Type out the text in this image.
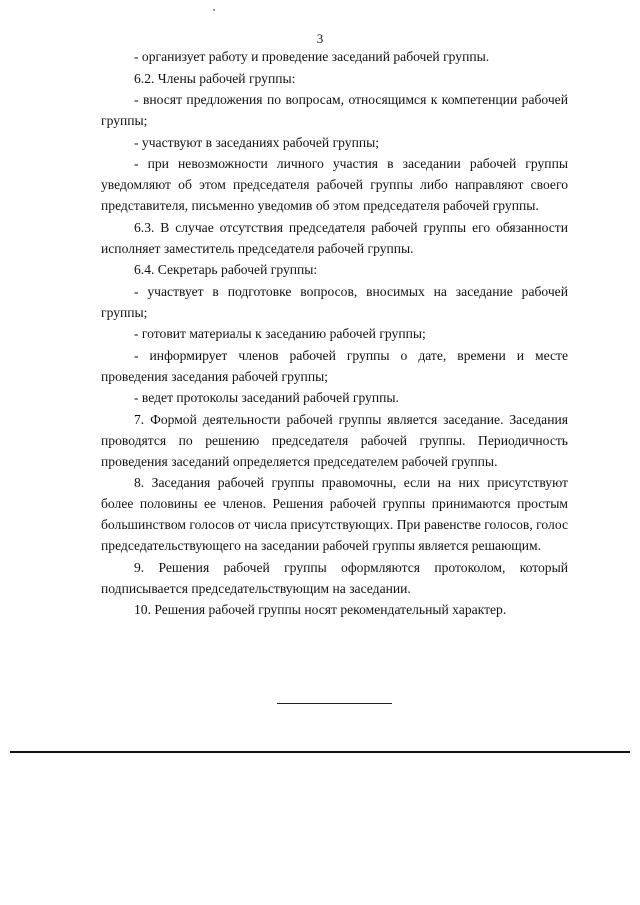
3

- организует работу и проведение заседаний рабочей группы.

6.2. Члены рабочей группы:

- вносят предложения по вопросам, относящимся к компетенции рабочей группы;

- участвуют в заседаниях рабочей группы;

- при невозможности личного участия в заседании рабочей группы уведомляют об этом председателя рабочей группы либо направляют своего представителя, письменно уведомив об этом председателя рабочей группы.

6.3. В случае отсутствия председателя рабочей группы его обязанности исполняет заместитель председателя рабочей группы.

6.4. Секретарь рабочей группы:

- участвует в подготовке вопросов, вносимых на заседание рабочей группы;

- готовит материалы к заседанию рабочей группы;

- информирует членов рабочей группы о дате, времени и месте проведения заседания рабочей группы;

- ведет протоколы заседаний рабочей группы.

7. Формой деятельности рабочей группы является заседание. Заседания проводятся по решению председателя рабочей группы. Периодичность проведения заседаний определяется председателем рабочей группы.

8. Заседания рабочей группы правомочны, если на них присутствуют более половины ее членов. Решения рабочей группы принимаются простым большинством голосов от числа присутствующих. При равенстве голосов, голос председательствующего на заседании рабочей группы является решающим.

9. Решения рабочей группы оформляются протоколом, который подписывается председательствующим на заседании.

10. Решения рабочей группы носят рекомендательный характер.
